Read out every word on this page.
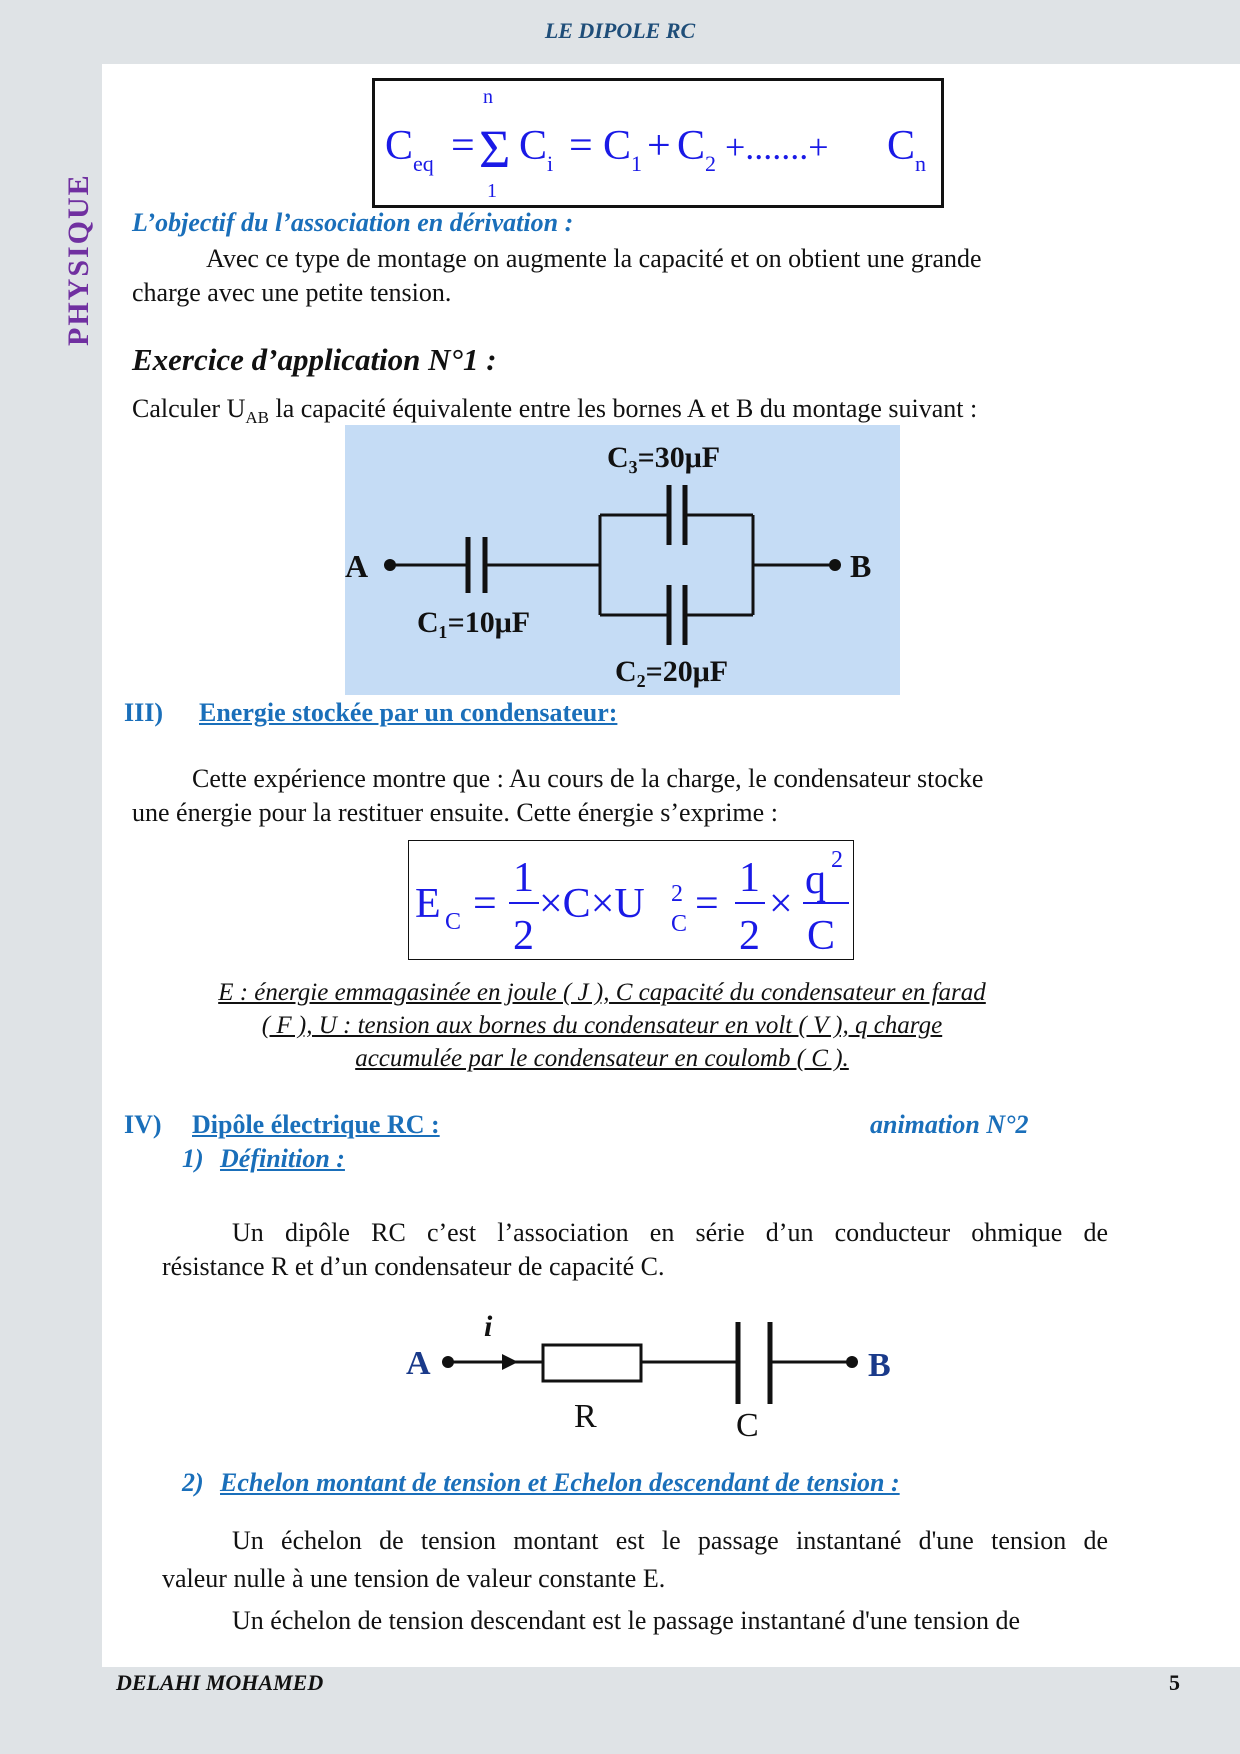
LE DIPOLE RC
PHYSIQUE
C eq =
n
Σ
1
C i = C 1 + C 2 +.......+ C n
L’objectif du l’association en dérivation :
Avec ce type de montage on augmente la capacité et on obtient une grande
charge avec une petite tension.
Exercice d’application N°1 :
Calculer $U_{AB}$ la capacité équivalente entre les bornes A et B du montage suivant :
A	B
C₃=30μF
C₁=10μF
C₂=20μF
III) Energie stockée par un condensateur:
Cette expérience montre que : Au cours de la charge, le condensateur stocke
une énergie pour la restituer ensuite. Cette énergie s’exprime :
E C =
1
2
×C×U 2
C =
1
2
×
q 2
C
E : énergie emmagasinée en joule ( J ), C capacité du condensateur en farad
( F ), U : tension aux bornes du condensateur en volt ( V ), q charge
accumulée par le condensateur en coulomb ( C ).
IV) Dipôle électrique RC :	animation N°2
1) Définition :
Un dipôle RC c’est l’association en série d’un conducteur ohmique de
résistance R et d’un condensateur de capacité C.
A	B
i
R	C
2) Echelon montant de tension et Echelon descendant de tension :
Un échelon de tension montant est le passage instantané d'une tension de
valeur nulle à une tension de valeur constante E.
Un échelon de tension descendant est le passage instantané d'une tension de
DELAHI MOHAMED	5
